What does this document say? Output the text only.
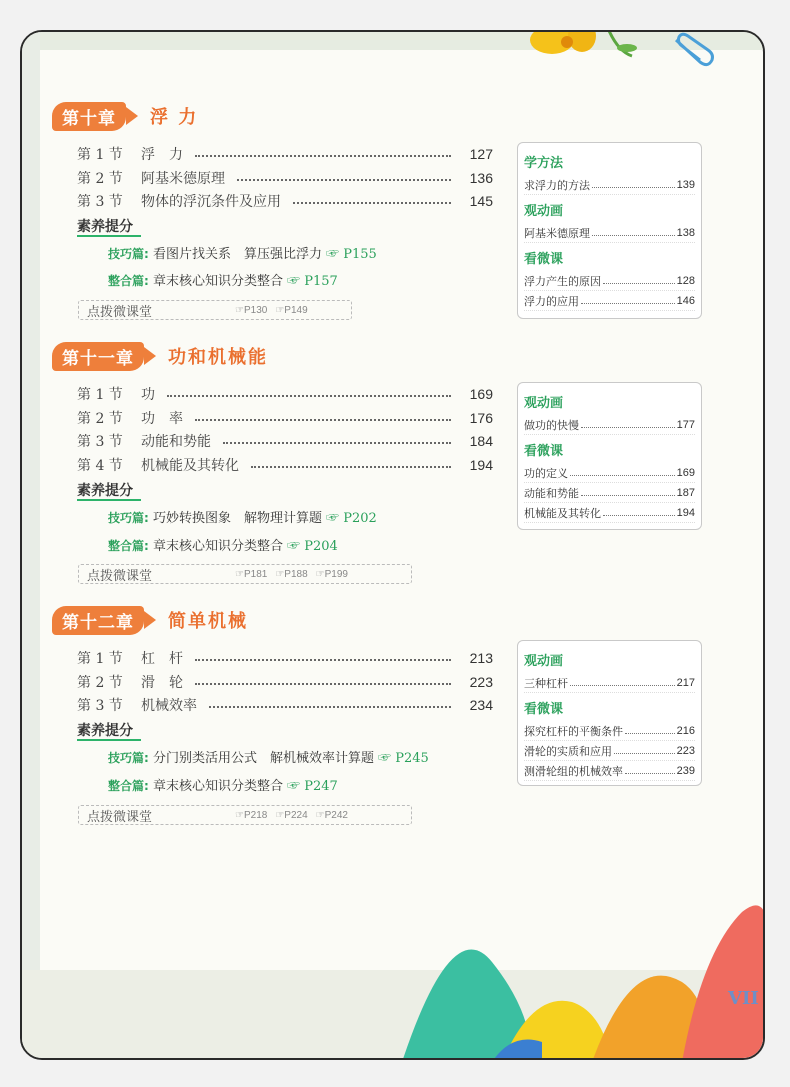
VII
第十章	浮 力
第 1 节	浮　力	127
第 2 节	阿基米德原理	136
第 3 节	物体的浮沉条件及应用	145
素养提分
技巧篇: 看图片找关系　算压强比浮力 ☞ P155
整合篇: 章末核心知识分类整合 ☞ P157
点拨微课堂	☞P130 ☞P149
学方法
求浮力的方法	139
观动画
阿基米德原理	138
看微课
浮力产生的原因	128
浮力的应用	146
第十一章	功和机械能
第 1 节	功	169
第 2 节	功　率	176
第 3 节	动能和势能	184
第 4 节	机械能及其转化	194
素养提分
技巧篇: 巧妙转换图象　解物理计算题 ☞ P202
整合篇: 章末核心知识分类整合 ☞ P204
点拨微课堂	☞P181 ☞P188 ☞P199
观动画
做功的快慢	177
看微课
功的定义	169
动能和势能	187
机械能及其转化	194
第十二章	简单机械
第 1 节	杠　杆	213
第 2 节	滑　轮	223
第 3 节	机械效率	234
素养提分
技巧篇: 分门别类活用公式　解机械效率计算题 ☞ P245
整合篇: 章末核心知识分类整合 ☞ P247
点拨微课堂	☞P218 ☞P224 ☞P242
观动画
三种杠杆	217
看微课
探究杠杆的平衡条件	216
滑轮的实质和应用	223
测滑轮组的机械效率	239
